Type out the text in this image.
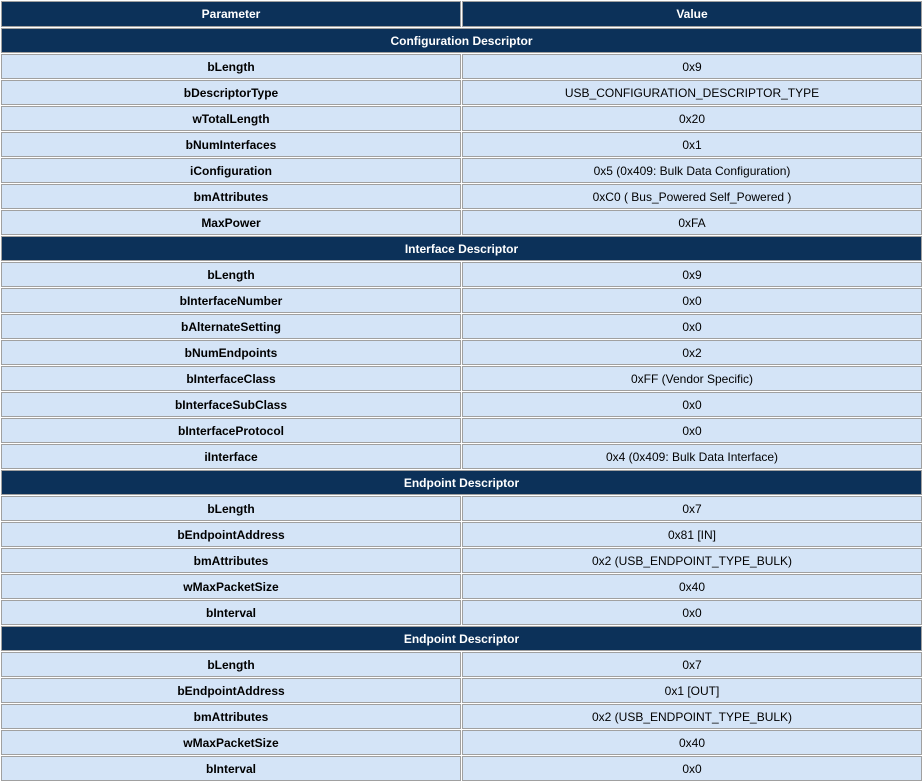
Parameter	Value
Configuration Descriptor	
bLength	0x9
bDescriptorType	USB_CONFIGURATION_DESCRIPTOR_TYPE
wTotalLength	0x20
bNumInterfaces	0x1
iConfiguration	0x5 (0x409: Bulk Data Configuration)
bmAttributes	0xC0 ( Bus_Powered Self_Powered )
MaxPower	0xFA
Interface Descriptor	
bLength	0x9
bInterfaceNumber	0x0
bAlternateSetting	0x0
bNumEndpoints	0x2
bInterfaceClass	0xFF (Vendor Specific)
bInterfaceSubClass	0x0
bInterfaceProtocol	0x0
iInterface	0x4 (0x409: Bulk Data Interface)
Endpoint Descriptor	
bLength	0x7
bEndpointAddress	0x81 [IN]
bmAttributes	0x2 (USB_ENDPOINT_TYPE_BULK)
wMaxPacketSize	0x40
bInterval	0x0
Endpoint Descriptor	
bLength	0x7
bEndpointAddress	0x1 [OUT]
bmAttributes	0x2 (USB_ENDPOINT_TYPE_BULK)
wMaxPacketSize	0x40
bInterval	0x0
